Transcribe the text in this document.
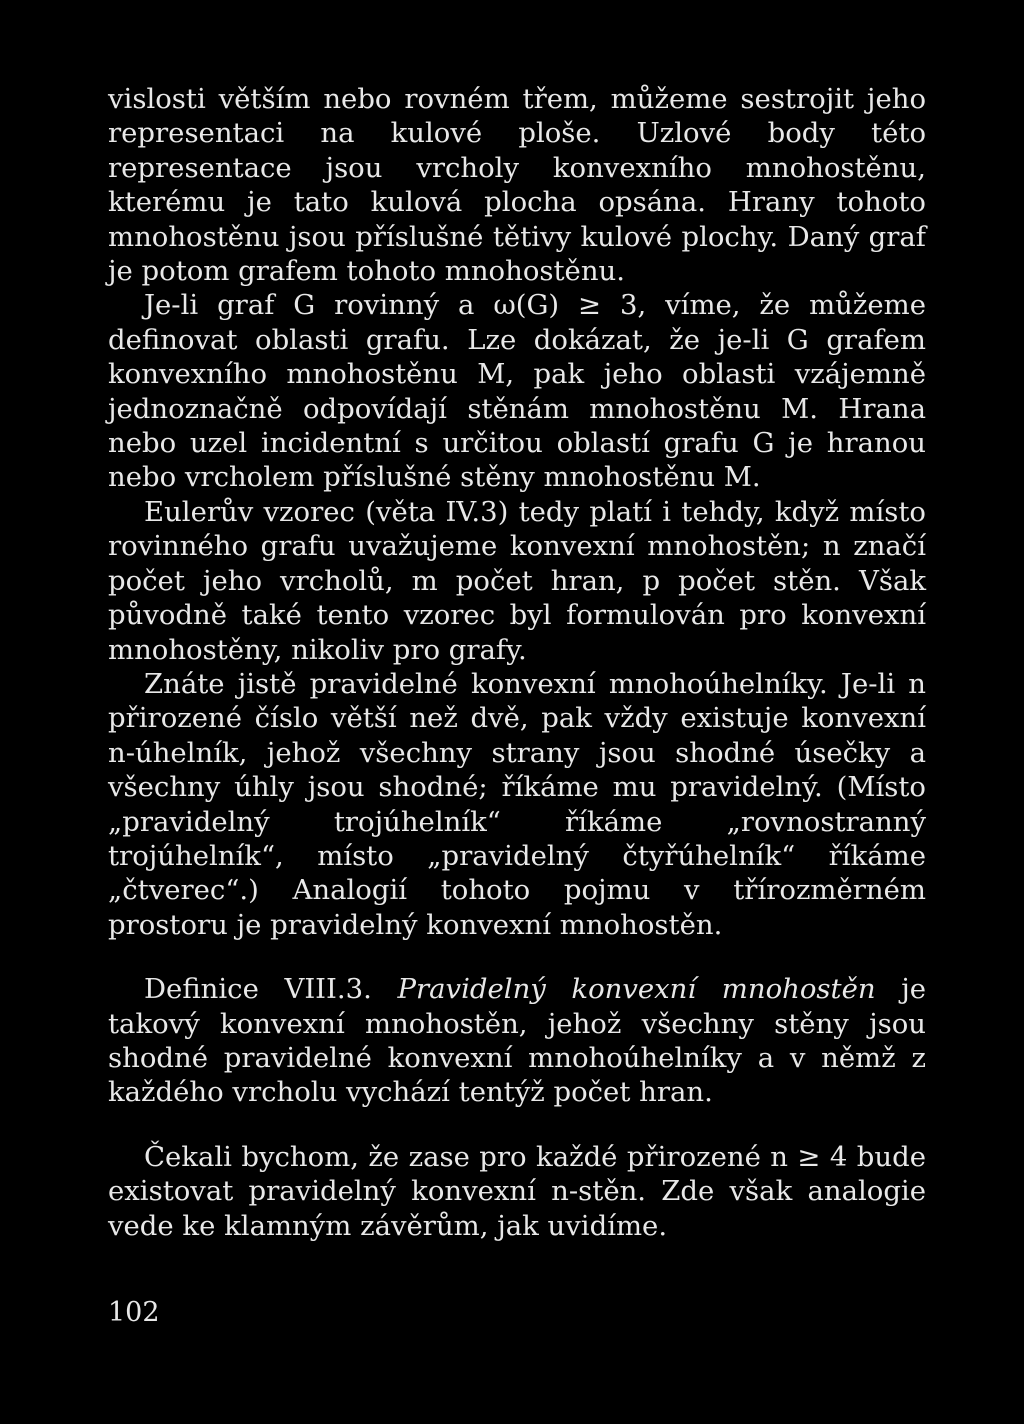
vislosti větším nebo rovném třem, můžeme sestrojit jeho representaci na kulové ploše. Uzlové body této representace jsou vrcholy konvexního mnohostěnu, kterému je tato kulová plocha opsána. Hrany tohoto mnohostěnu jsou příslušné tětivy kulové plochy. Daný graf je potom grafem tohoto mnohostěnu.

Je-li graf G rovinný a ω(G) ≥ 3, víme, že můžeme definovat oblasti grafu. Lze dokázat, že je-li G grafem konvexního mnohostěnu M, pak jeho oblasti vzájemně jednoznačně odpovídají stěnám mnohostěnu M. Hrana nebo uzel incidentní s určitou oblastí grafu G je hranou nebo vrcholem příslušné stěny mnohostěnu M.

Eulerův vzorec (věta IV.3) tedy platí i tehdy, když místo rovinného grafu uvažujeme konvexní mnohostěn; n značí počet jeho vrcholů, m počet hran, p počet stěn. Však původně také tento vzorec byl formulován pro konvexní mnohostěny, nikoliv pro grafy.

Znáte jistě pravidelné konvexní mnohoúhelníky. Je-li n přirozené číslo větší než dvě, pak vždy existuje konvexní n-úhelník, jehož všechny strany jsou shodné úsečky a všechny úhly jsou shodné; říkáme mu pravidelný. (Místo „pravidelný trojúhelník“ říkáme „rovnostranný trojúhelník“, místo „pravidelný čtyřúhelník“ říkáme „čtverec“.) Analogií tohoto pojmu v třírozměrném prostoru je pravidelný konvexní mnohostěn.

Definice VIII.3. Pravidelný konvexní mnohostěn je takový konvexní mnohostěn, jehož všechny stěny jsou shodné pravidelné konvexní mnohoúhelníky a v němž z každého vrcholu vychází tentýž počet hran.

Čekali bychom, že zase pro každé přirozené n ≥ 4 bude existovat pravidelný konvexní n-stěn. Zde však analogie vede ke klamným závěrům, jak uvidíme.

102
